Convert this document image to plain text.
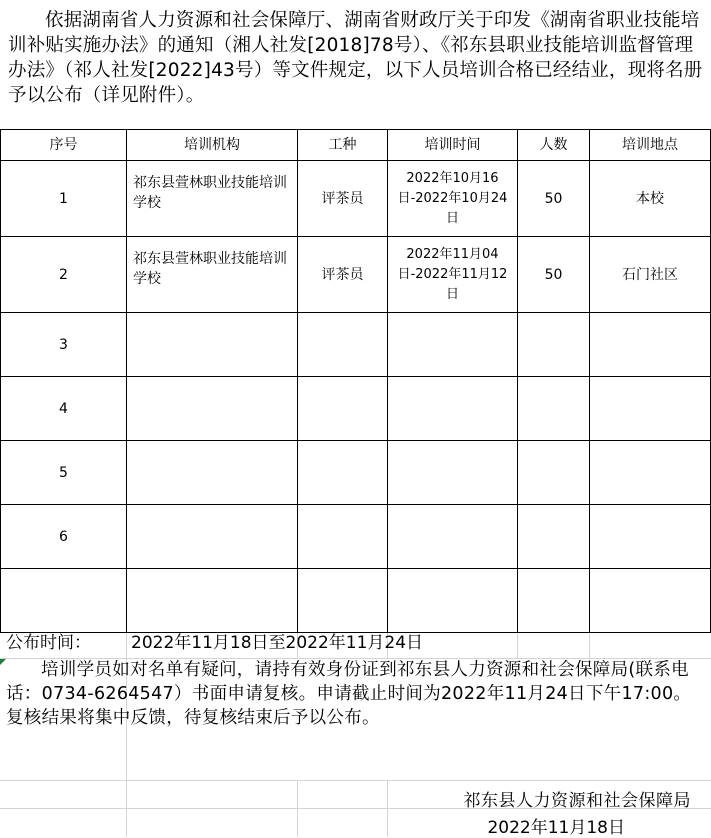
依据湖南省人力资源和社会保障厅、湖南省财政厅关于印发《湖南省职业技能培训补贴实施办法》的通知（湘人社发[2018]78号）、《祁东县职业技能培训监督管理办法》（祁人社发[2022]43号）等文件规定，以下人员培训合格已经结业，现将名册予以公布（详见附件）。
序号	培训机构	工种	培训时间	人数	培训地点
1	祁东县萱林职业技能培训学校	评茶员	2022年10月16日-2022年10月24日	50	本校
2	祁东县萱林职业技能培训学校	评茶员	2022年11月04日-2022年11月12日	50	石门社区
3					
4					
5					
6					

公布时间： 2022年11月18日至2022年11月24日
培训学员如对名单有疑问，请持有效身份证到祁东县人力资源和社会保障局(联系电话：0734-6264547）书面申请复核。申请截止时间为2022年11月24日下午17:00。复核结果将集中反馈，待复核结束后予以公布。
祁东县人力资源和社会保障局
2022年11月18日
